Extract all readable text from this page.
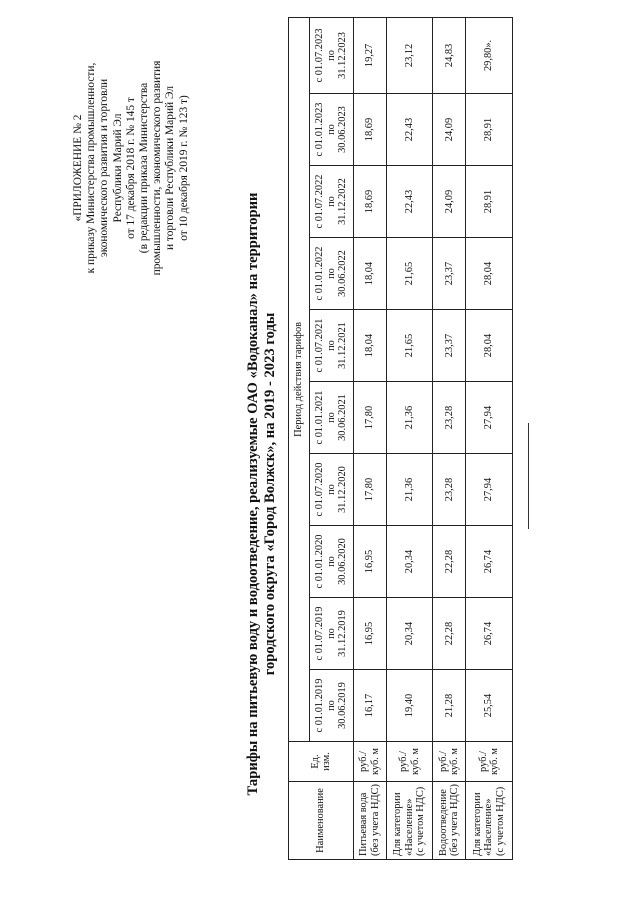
«ПРИЛОЖЕНИЕ № 2 к приказу Министерства промышленности, экономического развития и торговли Республики Марий Эл от 17 декабря 2018 г. № 145 т (в редакции приказа Министерства промышленности, экономического развития и торговли Республики Марий Эл от 10 декабря 2019 г. № 123 т)
Тарифы на питьевую воду и водоотведение, реализуемые ОАО «Водоканал» на территории городского округа «Город Волжск», на 2019 - 2023 годы
Наименование	Ед. изм.	Период действия тарифов									

		с 01.01.2019 по 30.06.2019	с 01.07.2019 по 31.12.2019	с 01.01.2020 по 30.06.2020	с 01.07.2020 по 31.12.2020	с 01.01.2021 по 30.06.2021	с 01.07.2021 по 31.12.2021	с 01.01.2022 по 30.06.2022	с 01.07.2022 по 31.12.2022	с 01.01.2023 по 30.06.2023	с 01.07.2023 по 31.12.2023

Питьевая вода (без учета НДС)	руб./ куб. м	16,17	16,95	16,95	17,80	17,80	18,04	18,04	18,69	18,69	19,27

Для категории «Население» (с учетом НДС)	руб./ куб. м	19,40	20,34	20,34	21,36	21,36	21,65	21,65	22,43	22,43	23,12

Водоотведение (без учета НДС)	руб./ куб. м	21,28	22,28	22,28	23,28	23,28	23,37	23,37	24,09	24,09	24,83

Для категории «Население» (с учетом НДС)	руб./ куб. м	25,54	26,74	26,74	27,94	27,94	28,04	28,04	28,91	28,91	29,80».
